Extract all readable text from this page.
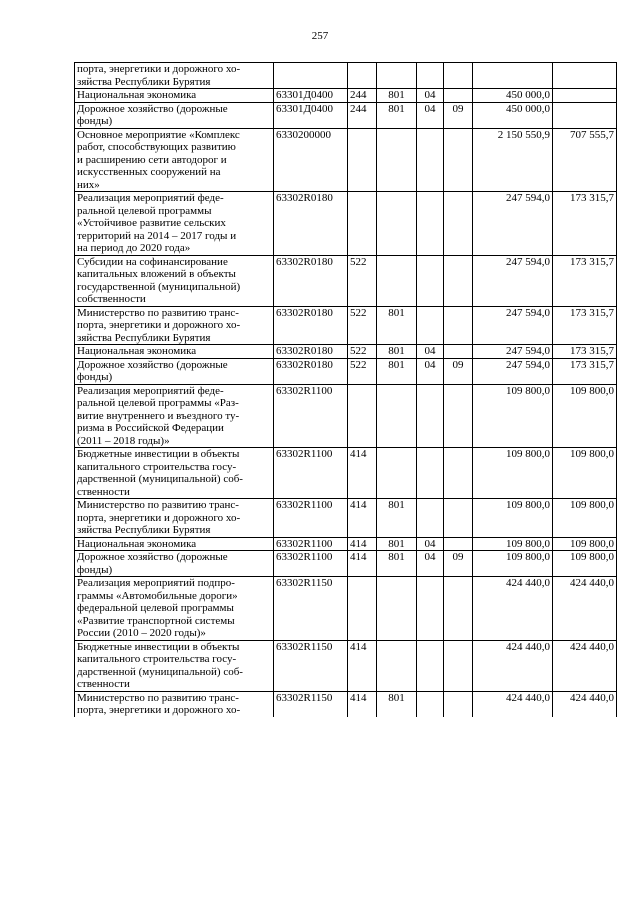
257
порта, энергетики и дорожного хо-
зяйства Республики Бурятия							
Национальная экономика	63301Д0400	244	801	04		450 000,0	
Дорожное хозяйство (дорожные
фонды)	63301Д0400	244	801	04	09	450 000,0	
Основное мероприятие «Комплекс
работ, способствующих развитию
и расширению сети автодорог и
искусственных сооружений на
них»	6330200000					2 150 550,9	707 555,7
Реализация мероприятий феде-
ральной целевой программы
«Устойчивое развитие сельских
территорий на 2014 – 2017 годы и
на период до 2020 года»	63302R0180					247 594,0	173 315,7
Субсидии на софинансирование
капитальных вложений в объекты
государственной (муниципальной)
собственности	63302R0180	522				247 594,0	173 315,7
Министерство по развитию транс-
порта, энергетики и дорожного хо-
зяйства Республики Бурятия	63302R0180	522	801			247 594,0	173 315,7
Национальная экономика	63302R0180	522	801	04		247 594,0	173 315,7
Дорожное хозяйство (дорожные
фонды)	63302R0180	522	801	04	09	247 594,0	173 315,7
Реализация мероприятий феде-
ральной целевой программы «Раз-
витие внутреннего и въездного ту-
ризма в Российской Федерации
(2011 – 2018 годы)»	63302R1100					109 800,0	109 800,0
Бюджетные инвестиции в объекты
капитального строительства госу-
дарственной (муниципальной) соб-
ственности	63302R1100	414				109 800,0	109 800,0
Министерство по развитию транс-
порта, энергетики и дорожного хо-
зяйства Республики Бурятия	63302R1100	414	801			109 800,0	109 800,0
Национальная экономика	63302R1100	414	801	04		109 800,0	109 800,0
Дорожное хозяйство (дорожные
фонды)	63302R1100	414	801	04	09	109 800,0	109 800,0
Реализация мероприятий подпро-
граммы «Автомобильные дороги»
федеральной целевой программы
«Развитие транспортной системы
России (2010 – 2020 годы)»	63302R1150					424 440,0	424 440,0
Бюджетные инвестиции в объекты
капитального строительства госу-
дарственной (муниципальной) соб-
ственности	63302R1150	414				424 440,0	424 440,0
Министерство по развитию транс-
порта, энергетики и дорожного хо-	63302R1150	414	801			424 440,0	424 440,0
